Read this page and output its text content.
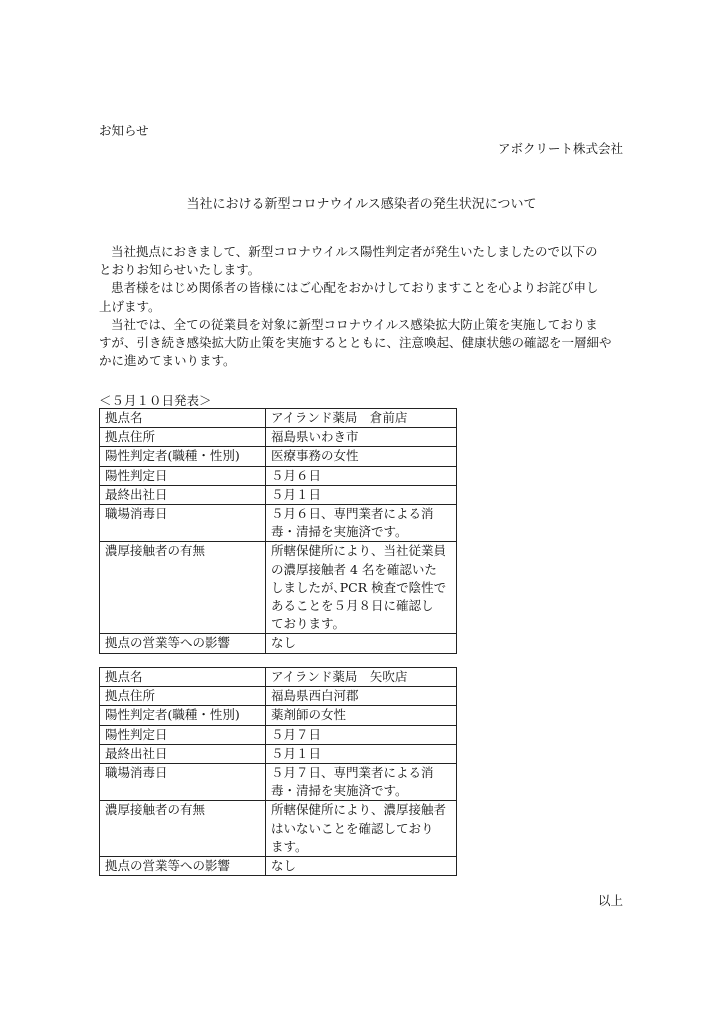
お知らせ
アボクリート株式会社
当社における新型コロナウイルス感染者の発生状況について
当社拠点におきまして、新型コロナウイルス陽性判定者が発生いたしましたので以下の
とおりお知らせいたします。
患者様をはじめ関係者の皆様にはご心配をおかけしておりますことを心よりお詫び申し
上げます。
当社では、全ての従業員を対象に新型コロナウイルス感染拡大防止策を実施しておりま
すが、引き続き感染拡大防止策を実施するとともに、注意喚起、健康状態の確認を一層細や
かに進めてまいります。
＜５月１０日発表＞
拠点名	アイランド薬局　倉前店

拠点住所	福島県いわき市

陽性判定者(職種・性別)	医療事務の女性

陽性判定日	５月６日

最終出社日	５月１日

職場消毒日	５月６日、専門業者による消
毒・清掃を実施済です。

濃厚接触者の有無	所轄保健所により、当社従業員
の濃厚接触者 4 名を確認いた
しましたが､PCR 検査で陰性で
あることを５月８日に確認し
ております。

拠点の営業等への影響	なし
拠点名	アイランド薬局　矢吹店

拠点住所	福島県西白河郡

陽性判定者(職種・性別)	薬剤師の女性

陽性判定日	５月７日

最終出社日	５月１日

職場消毒日	５月７日、専門業者による消
毒・清掃を実施済です。

濃厚接触者の有無	所轄保健所により、濃厚接触者
はいないことを確認しており
ます。

拠点の営業等への影響	なし
以上
